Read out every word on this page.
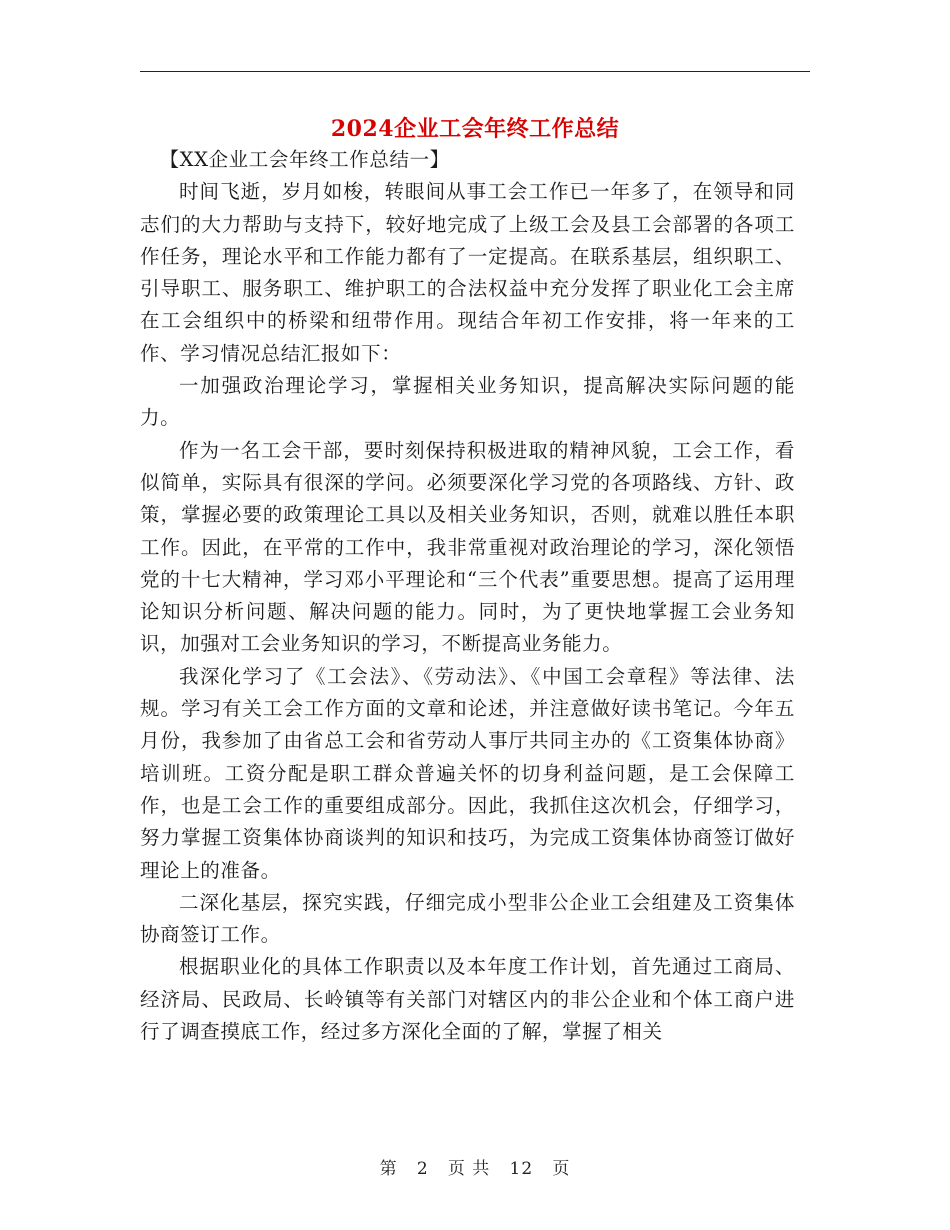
2024企业工会年终工作总结

【XX企业工会年终工作总结一】

时间飞逝，岁月如梭，转眼间从事工会工作已一年多了，在领导和同志们的大力帮助与支持下，较好地完成了上级工会及县工会部署的各项工作任务，理论水平和工作能力都有了一定提高。在联系基层，组织职工、引导职工、服务职工、维护职工的合法权益中充分发挥了职业化工会主席在工会组织中的桥梁和纽带作用。现结合年初工作安排，将一年来的工作、学习情况总结汇报如下：

一加强政治理论学习，掌握相关业务知识，提高解决实际问题的能力。

作为一名工会干部，要时刻保持积极进取的精神风貌，工会工作，看似简单，实际具有很深的学问。必须要深化学习党的各项路线、方针、政策，掌握必要的政策理论工具以及相关业务知识，否则，就难以胜任本职工作。因此，在平常的工作中，我非常重视对政治理论的学习，深化领悟党的十七大精神，学习邓小平理论和“三个代表”重要思想。提高了运用理论知识分析问题、解决问题的能力。同时，为了更快地掌握工会业务知识，加强对工会业务知识的学习，不断提高业务能力。

我深化学习了《工会法》、《劳动法》、《中国工会章程》等法律、法规。学习有关工会工作方面的文章和论述，并注意做好读书笔记。今年五月份，我参加了由省总工会和省劳动人事厅共同主办的《工资集体协商》培训班。工资分配是职工群众普遍关怀的切身利益问题，是工会保障工作，也是工会工作的重要组成部分。因此，我抓住这次机会，仔细学习，努力掌握工资集体协商谈判的知识和技巧，为完成工资集体协商签订做好理论上的准备。

二深化基层，探究实践，仔细完成小型非公企业工会组建及工资集体协商签订工作。

根据职业化的具体工作职责以及本年度工作计划，首先通过工商局、经济局、民政局、长岭镇等有关部门对辖区内的非公企业和个体工商户进行了调查摸底工作，经过多方深化全面的了解，掌握了相关

第 2 页 共 12 页
